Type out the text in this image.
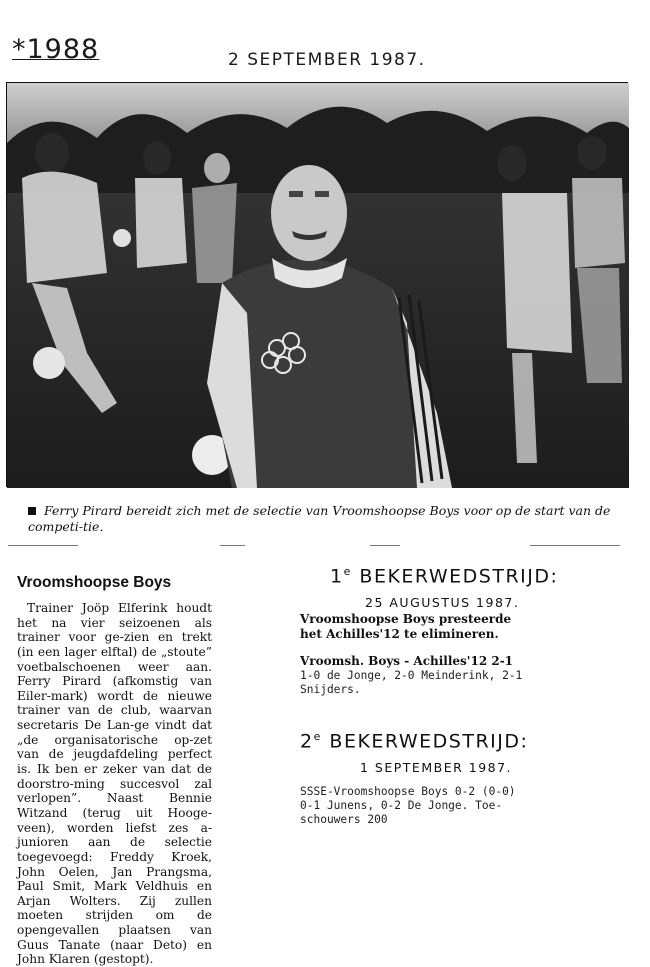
*1988	2 SEPTEMBER 1987.
Ferry Pirard bereidt zich met de selectie van Vroomshoopse Boys voor op de start van de competi-tie.
Vroomshoopse Boys

Trainer Joöp Elferink houdt het na vier seizoenen als trainer voor ge-zien en trekt (in een lager elftal) de „stoute” voetbalschoenen weer aan. Ferry Pirard (afkomstig van Eiler-mark) wordt de nieuwe trainer van de club, waarvan secretaris De Lan-ge vindt dat „de organisatorische op-zet van de jeugdafdeling perfect is. Ik ben er zeker van dat de doorstro-ming succesvol zal verlopen”. Naast Bennie Witzand (terug uit Hooge-veen), worden liefst zes a-junioren aan de selectie toegevoegd: Freddy Kroek, John Oelen, Jan Prangsma, Paul Smit, Mark Veldhuis en Arjan Wolters. Zij zullen moeten strijden om de opengevallen plaatsen van Guus Tanate (naar Deto) en John Klaren (gestopt).

1e BEKERWEDSTRIJD:
25 AUGUSTUS 1987.
Vroomshoopse Boys presteerde
het Achilles'12 te elimineren.
Vroomsh. Boys - Achilles'12 2-1
1-0 de Jonge, 2-0 Meinderink, 2-1 Snijders.
2e BEKERWEDSTRIJD:
1 SEPTEMBER 1987.
SSSE-Vroomshoopse Boys 0-2 (0-0)
0-1 Junens, 0-2 De Jonge. Toe-schouwers 200
